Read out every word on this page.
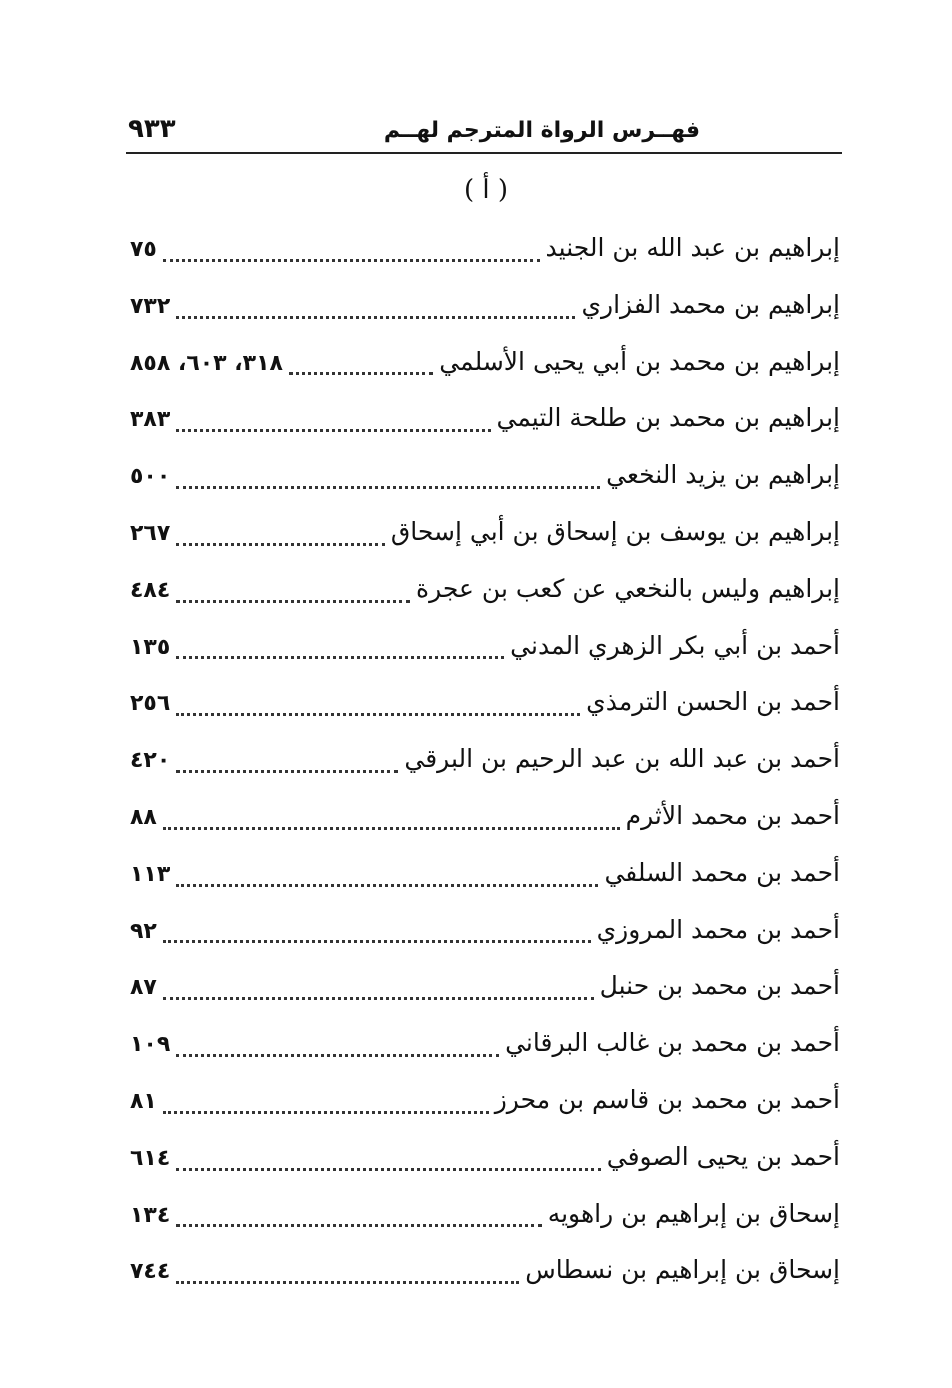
فهــرس الرواة المترجم لهــم
٩٣٣
( أ )
إبراهيم بن عبد الله بن الجنيد
٧٥
إبراهيم بن محمد الفزاري
٧٣٢
إبراهيم بن محمد بن أبي يحيى الأسلمي
٣١٨، ٦٠٣، ٨٥٨
إبراهيم بن محمد بن طلحة التيمي
٣٨٣
إبراهيم بن يزيد النخعي
٥٠٠
إبراهيم بن يوسف بن إسحاق بن أبي إسحاق
٢٦٧
إبراهيم وليس بالنخعي عن كعب بن عجرة
٤٨٤
أحمد بن أبي بكر الزهري المدني
١٣٥
أحمد بن الحسن الترمذي
٢٥٦
أحمد بن عبد الله بن عبد الرحيم بن البرقي
٤٢٠
أحمد بن محمد الأثرم
٨٨
أحمد بن محمد السلفي
١١٣
أحمد بن محمد المروزي
٩٢
أحمد بن محمد بن حنبل
٨٧
أحمد بن محمد بن غالب البرقاني
١٠٩
أحمد بن محمد بن قاسم بن محرز
٨١
أحمد بن يحيى الصوفي
٦١٤
إسحاق بن إبراهيم بن راهويه
١٣٤
إسحاق بن إبراهيم بن نسطاس
٧٤٤
